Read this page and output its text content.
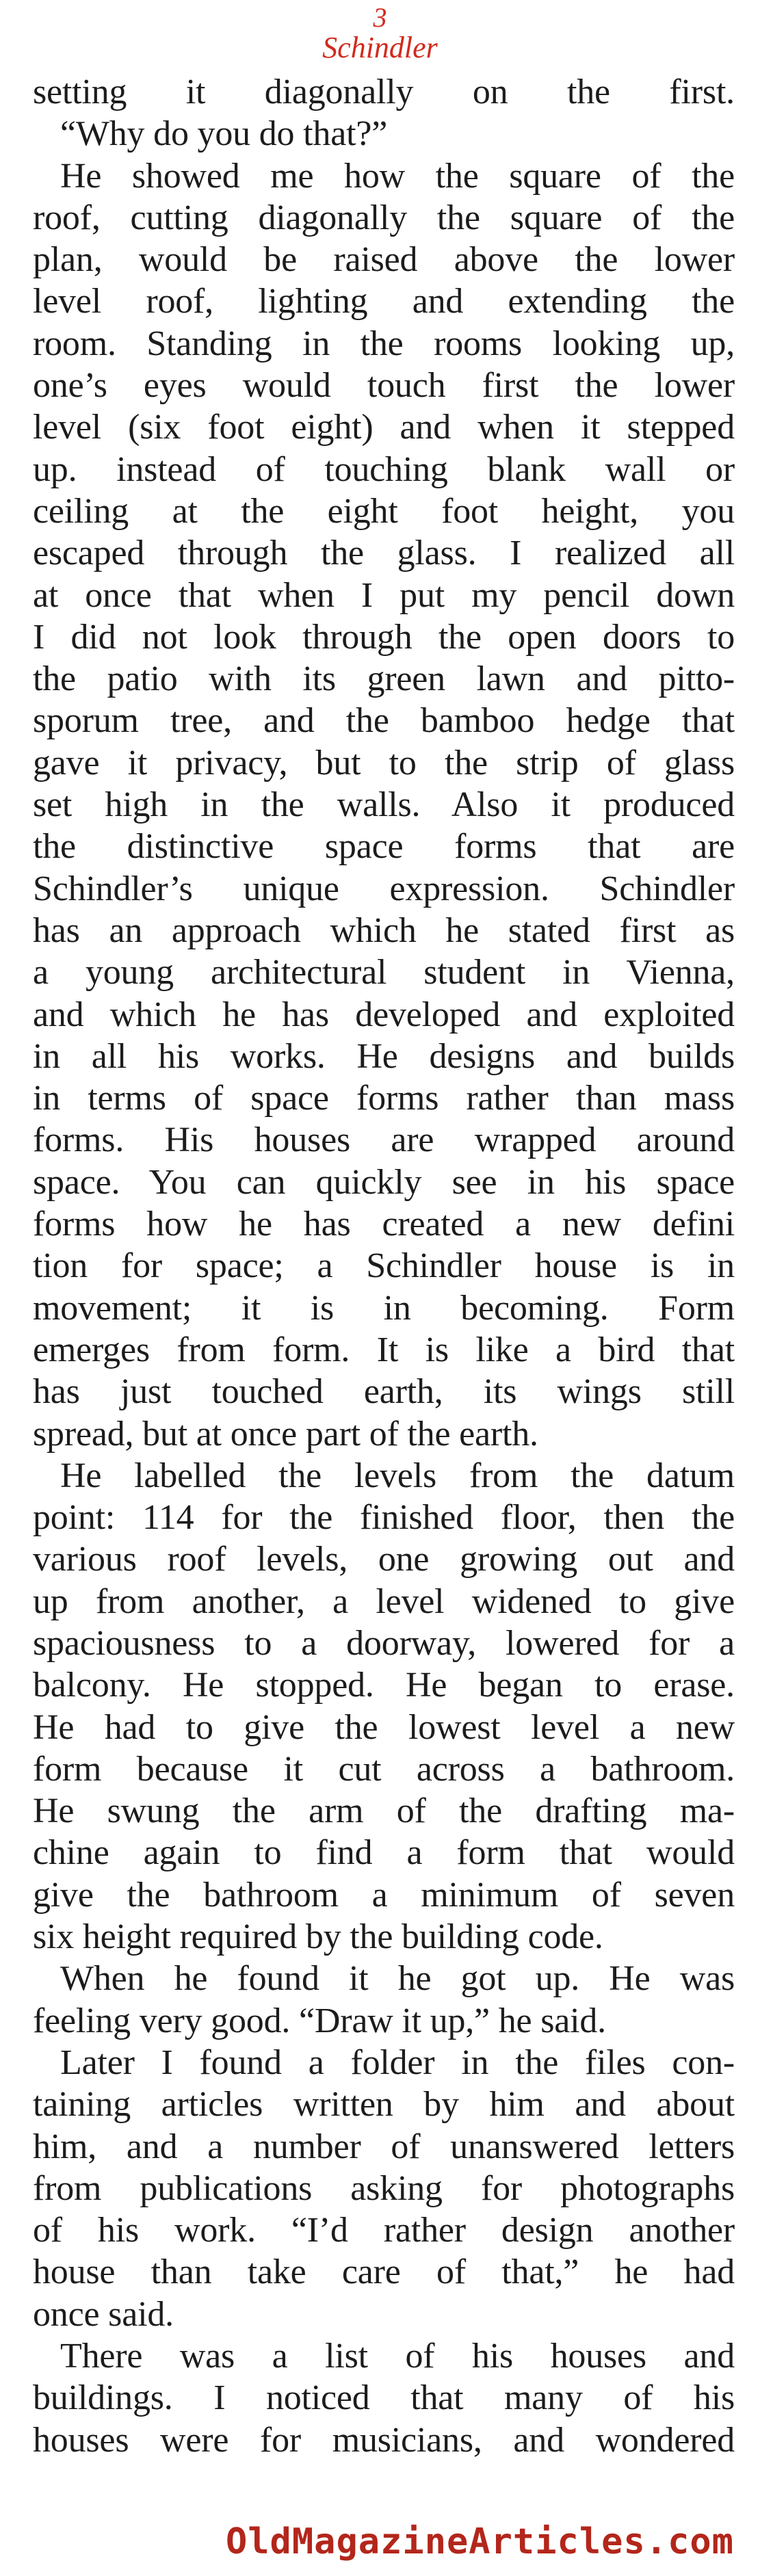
3
Schindler
setting it diagonally on the first.
“Why do you do that?”
He showed me how the square of the
roof, cutting diagonally the square of the
plan, would be raised above the lower
level roof, lighting and extending the
room. Standing in the rooms looking up,
one’s eyes would touch first the lower
level (six foot eight) and when it stepped
up. instead of touching blank wall or
ceiling at the eight foot height, you
escaped through the glass. I realized all
at once that when I put my pencil down
I did not look through the open doors to
the patio with its green lawn and pitto-
sporum tree, and the bamboo hedge that
gave it privacy, but to the strip of glass
set high in the walls. Also it produced
the distinctive space forms that are
Schindler’s unique expression. Schindler
has an approach which he stated first as
a young architectural student in Vienna,
and which he has developed and exploited
in all his works. He designs and builds
in terms of space forms rather than mass
forms. His houses are wrapped around
space. You can quickly see in his space
forms how he has created a new defini
tion for space; a Schindler house is in
movement; it is in becoming. Form
emerges from form. It is like a bird that
has just touched earth, its wings still
spread, but at once part of the earth.
He labelled the levels from the datum
point: 114 for the finished floor, then the
various roof levels, one growing out and
up from another, a level widened to give
spaciousness to a doorway, lowered for a
balcony. He stopped. He began to erase.
He had to give the lowest level a new
form because it cut across a bathroom.
He swung the arm of the drafting ma-
chine again to find a form that would
give the bathroom a minimum of seven
six height required by the building code.
When he found it he got up. He was
feeling very good. “Draw it up,” he said.
Later I found a folder in the files con-
taining articles written by him and about
him, and a number of unanswered letters
from publications asking for photographs
of his work. “I’d rather design another
house than take care of that,” he had
once said.
There was a list of his houses and
buildings. I noticed that many of his
houses were for musicians, and wondered
OldMagazineArticles.com
